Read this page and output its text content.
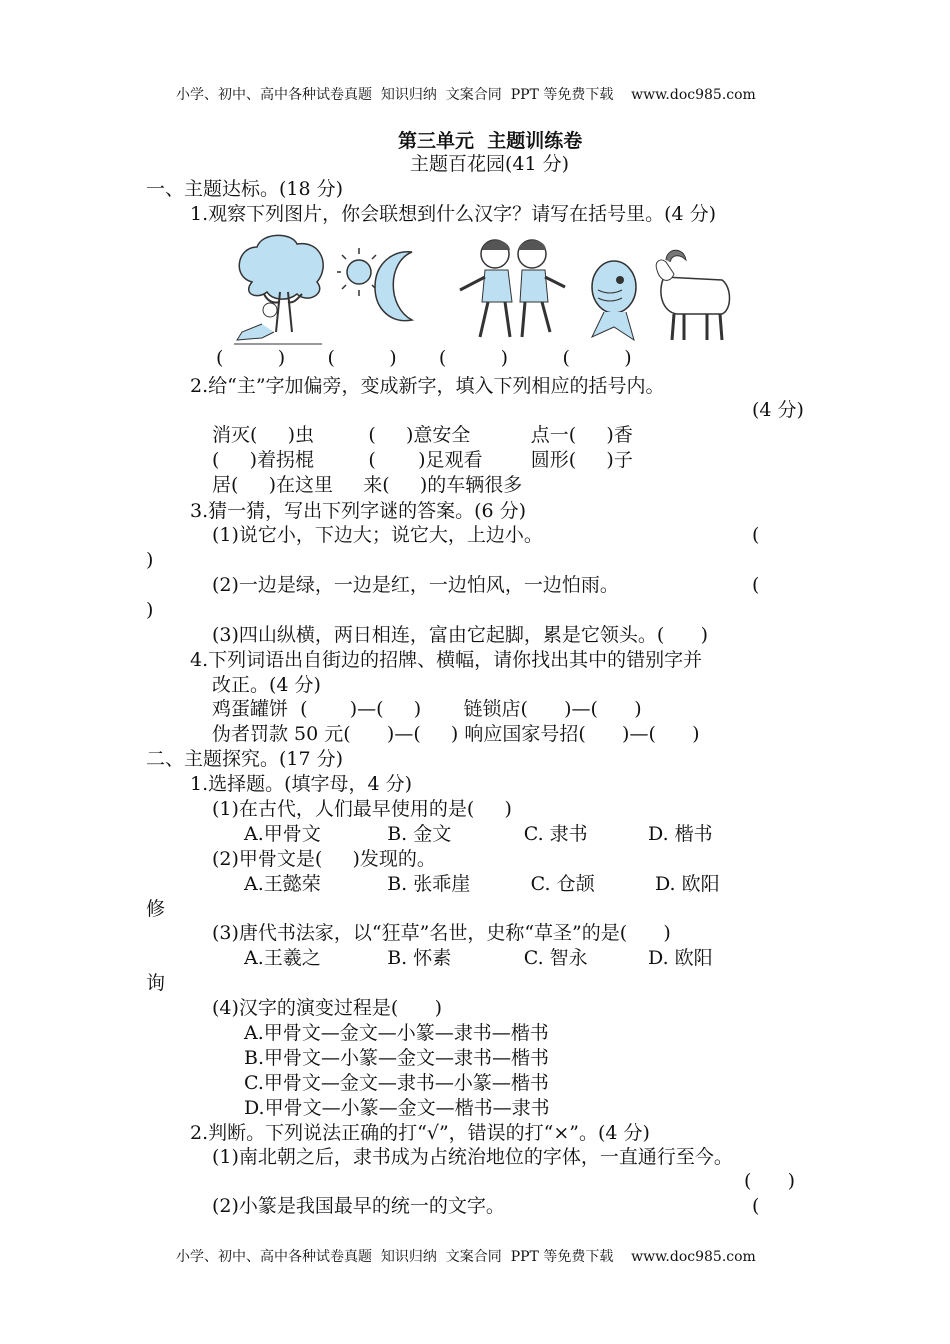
小学、初中、高中各种试卷真题  知识归纳  文案合同  PPT 等免费下载    www.doc985.com
第三单元  主题训练卷
主题百花园(41 分)
一、主题达标。(18 分)
1.观察下列图片，你会联想到什么汉字？请写在括号里。(4 分)
(         )       (         )       (         )         (         )
2.给“主”字加偏旁，变成新字，填入下列相应的括号内。
(4 分)
消灭(     )虫         (     )意安全          点一(     )香
(     )着拐棍         (       )足观看        圆形(     )子
居(     )在这里     来(     )的车辆很多
3.猜一猜，写出下列字谜的答案。(6 分)
(1)说它小，下边大；说它大，上边小。	(
)
(2)一边是绿，一边是红，一边怕风，一边怕雨。	(
)
(3)四山纵横，两日相连，富由它起脚，累是它领头。(      )
4.下列词语出自街边的招牌、横幅，请你找出其中的错别字并
改正。(4 分)
鸡蛋罐饼  (       )—(     )       链锁店(      )—(      )
伪者罚款 50 元(      )—(     ) 响应国家号招(      )—(      )
二、主题探究。(17 分)
1.选择题。(填字母，4 分)
(1)在古代，人们最早使用的是(     )
A.甲骨文           B. 金文            C. 隶书          D. 楷书
(2)甲骨文是(     )发现的。
A.王懿荣           B. 张乖崖          C. 仓颉          D. 欧阳
修
(3)唐代书法家，以“狂草”名世，史称“草圣”的是(      )
A.王羲之           B. 怀素            C. 智永          D. 欧阳
询
(4)汉字的演变过程是(      )
A.甲骨文—金文—小篆—隶书—楷书
B.甲骨文—小篆—金文—隶书—楷书
C.甲骨文—金文—隶书—小篆—楷书
D.甲骨文—小篆—金文—楷书—隶书
2.判断。下列说法正确的打“√”，错误的打“×”。(4 分)
(1)南北朝之后，隶书成为占统治地位的字体，一直通行至今。
(      )
(2)小篆是我国最早的统一的文字。	(
小学、初中、高中各种试卷真题  知识归纳  文案合同  PPT 等免费下载    www.doc985.com
